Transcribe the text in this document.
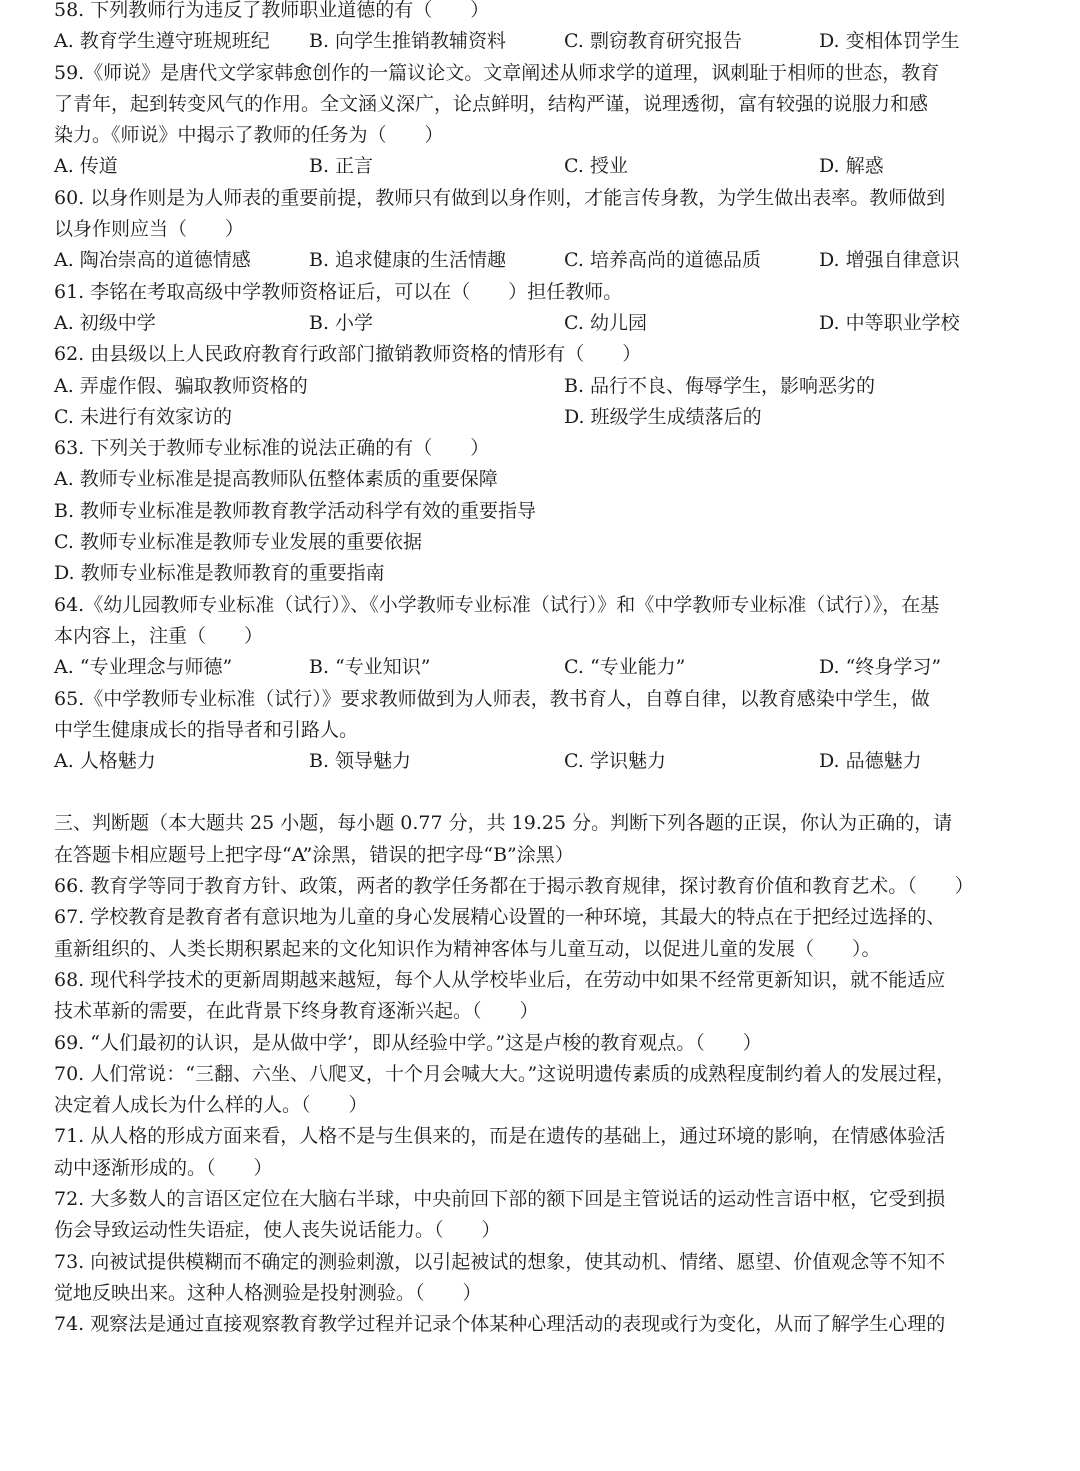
58. 下列教师行为违反了教师职业道德的有（　　）
A. 教育学生遵守班规班纪	B. 向学生推销教辅资料	C. 剽窃教育研究报告	D. 变相体罚学生
59.《师说》是唐代文学家韩愈创作的一篇议论文。文章阐述从师求学的道理，讽刺耻于相师的世态，教育
了青年，起到转变风气的作用。全文涵义深广，论点鲜明，结构严谨，说理透彻，富有较强的说服力和感
染力。《师说》中揭示了教师的任务为（　　）
A. 传道	B. 正言	C. 授业	D. 解惑
60. 以身作则是为人师表的重要前提，教师只有做到以身作则，才能言传身教，为学生做出表率。教师做到
以身作则应当（　　）
A. 陶冶崇高的道德情感	B. 追求健康的生活情趣	C. 培养高尚的道德品质	D. 增强自律意识
61. 李铭在考取高级中学教师资格证后，可以在（　　）担任教师。
A. 初级中学	B. 小学	C. 幼儿园	D. 中等职业学校
62. 由县级以上人民政府教育行政部门撤销教师资格的情形有（　　）
A. 弄虚作假、骗取教师资格的	B. 品行不良、侮辱学生，影响恶劣的
C. 未进行有效家访的	D. 班级学生成绩落后的
63. 下列关于教师专业标准的说法正确的有（　　）
A. 教师专业标准是提高教师队伍整体素质的重要保障
B. 教师专业标准是教师教育教学活动科学有效的重要指导
C. 教师专业标准是教师专业发展的重要依据
D. 教师专业标准是教师教育的重要指南
64.《幼儿园教师专业标准（试行）》、《小学教师专业标准（试行）》和《中学教师专业标准（试行）》，在基
本内容上，注重（　　）
A. “专业理念与师德”	B. “专业知识”	C. “专业能力”	D. “终身学习”
65.《中学教师专业标准（试行）》要求教师做到为人师表，教书育人，自尊自律，以教育感染中学生，做
中学生健康成长的指导者和引路人。
A. 人格魅力	B. 领导魅力	C. 学识魅力	D. 品德魅力
三、判断题（本大题共 25 小题，每小题 0.77 分，共 19.25 分。判断下列各题的正误，你认为正确的，请
在答题卡相应题号上把字母“A”涂黑，错误的把字母“B”涂黑）
66. 教育学等同于教育方针、政策，两者的教学任务都在于揭示教育规律，探讨教育价值和教育艺术。（　　）
67. 学校教育是教育者有意识地为儿童的身心发展精心设置的一种环境，其最大的特点在于把经过选择的、
重新组织的、人类长期积累起来的文化知识作为精神客体与儿童互动，以促进儿童的发展（　　）。
68. 现代科学技术的更新周期越来越短，每个人从学校毕业后，在劳动中如果不经常更新知识，就不能适应
技术革新的需要，在此背景下终身教育逐渐兴起。（　　）
69. “人们最初的认识，是从做中学’，即从经验中学。”这是卢梭的教育观点。（　　）
70. 人们常说：“三翻、六坐、八爬叉，十个月会喊大大。”这说明遗传素质的成熟程度制约着人的发展过程，
决定着人成长为什么样的人。（　　）
71. 从人格的形成方面来看，人格不是与生俱来的，而是在遗传的基础上，通过环境的影响，在情感体验活
动中逐渐形成的。（　　）
72. 大多数人的言语区定位在大脑右半球，中央前回下部的额下回是主管说话的运动性言语中枢，它受到损
伤会导致运动性失语症，使人丧失说话能力。（　　）
73. 向被试提供模糊而不确定的测验刺激，以引起被试的想象，使其动机、情绪、愿望、价值观念等不知不
觉地反映出来。这种人格测验是投射测验。（　　）
74. 观察法是通过直接观察教育教学过程并记录个体某种心理活动的表现或行为变化，从而了解学生心理的
